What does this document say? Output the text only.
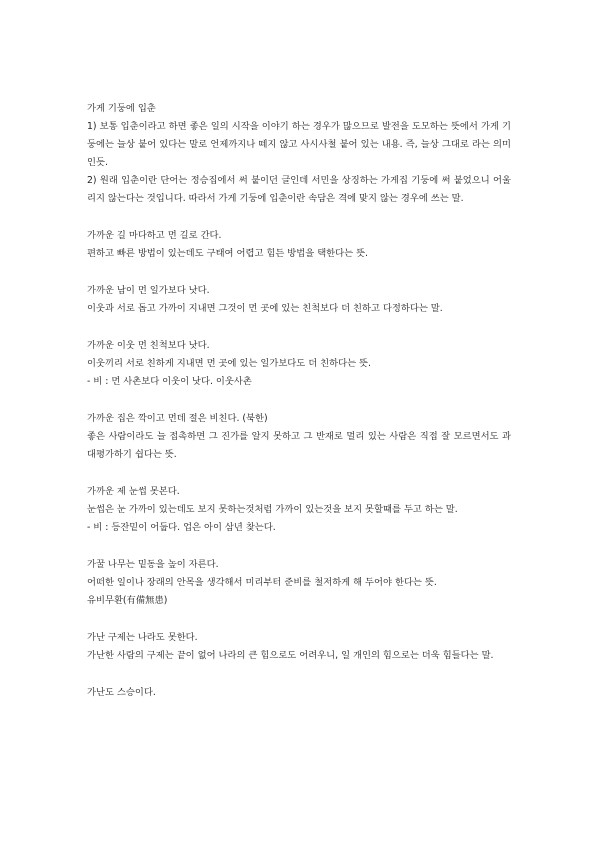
가게 기둥에 입춘
1) 보통 입춘이라고 하면 좋은 일의 시작을 이야기 하는 경우가 많으므로 발전을 도모하는 뜻에서 가게 기둥에는 늘상 붙어 있다는 말로 언제까지나 떼지 않고 사시사철 붙어 있는 내용. 즉, 늘상 그대로 라는 의미 인듯.
2) 원래 입춘이란 단어는 정승집에서 써 붙이던 글인데 서민을 상징하는 가게집 기둥에 써 붙었으니 어울리지 않는다는 것입니다. 따라서 가게 기둥에 입춘이란 속담은 격에 맞지 않는 경우에 쓰는 말.
가까운 길 마다하고 먼 길로 간다.
편하고 빠른 방법이 있는데도 구태여 어렵고 힘든 방법을 택한다는 뜻.
가까운 남이 먼 일가보다 낫다.
이웃과 서로 돕고 가까이 지내면 그것이 먼 곳에 있는 친척보다 더 친하고 다정하다는 말.
가까운 이웃 먼 친척보다 낫다.
이웃끼리 서로 친하게 지내면 먼 곳에 있는 일가보다도 더 친하다는 뜻.
- 비 : 먼 사촌보다 이웃이 낫다. 이웃사촌
가까운 집은 깍이고 먼데 절은 비친다. (북한)
좋은 사람이라도 늘 접촉하면 그 진가를 알지 못하고 그 반재로 멀리 있는 사람은 직접 잘 모르면서도 과대평가하기 쉽다는 뜻.
가까운 제 눈썹 못본다.
눈썹은 눈 가까이 있는데도 보지 못하는것처럼 가까이 있는것을 보지 못할때를 두고 하는 말.
- 비 : 등잔밑이 어둡다. 업은 아이 삼년 찾는다.
가꿀 나무는 밑동을 높이 자른다.
어떠한 일이나 장래의 안목을 생각해서 미리부터 준비를 철저하게 해 두어야 한다는 뜻.
유비무환(有備無患)
가난 구제는 나라도 못한다.
가난한 사람의 구제는 끝이 없어 나라의 큰 힘으로도 어려우니, 일 개인의 힘으로는 더욱 힘들다는 말.
가난도 스승이다.
